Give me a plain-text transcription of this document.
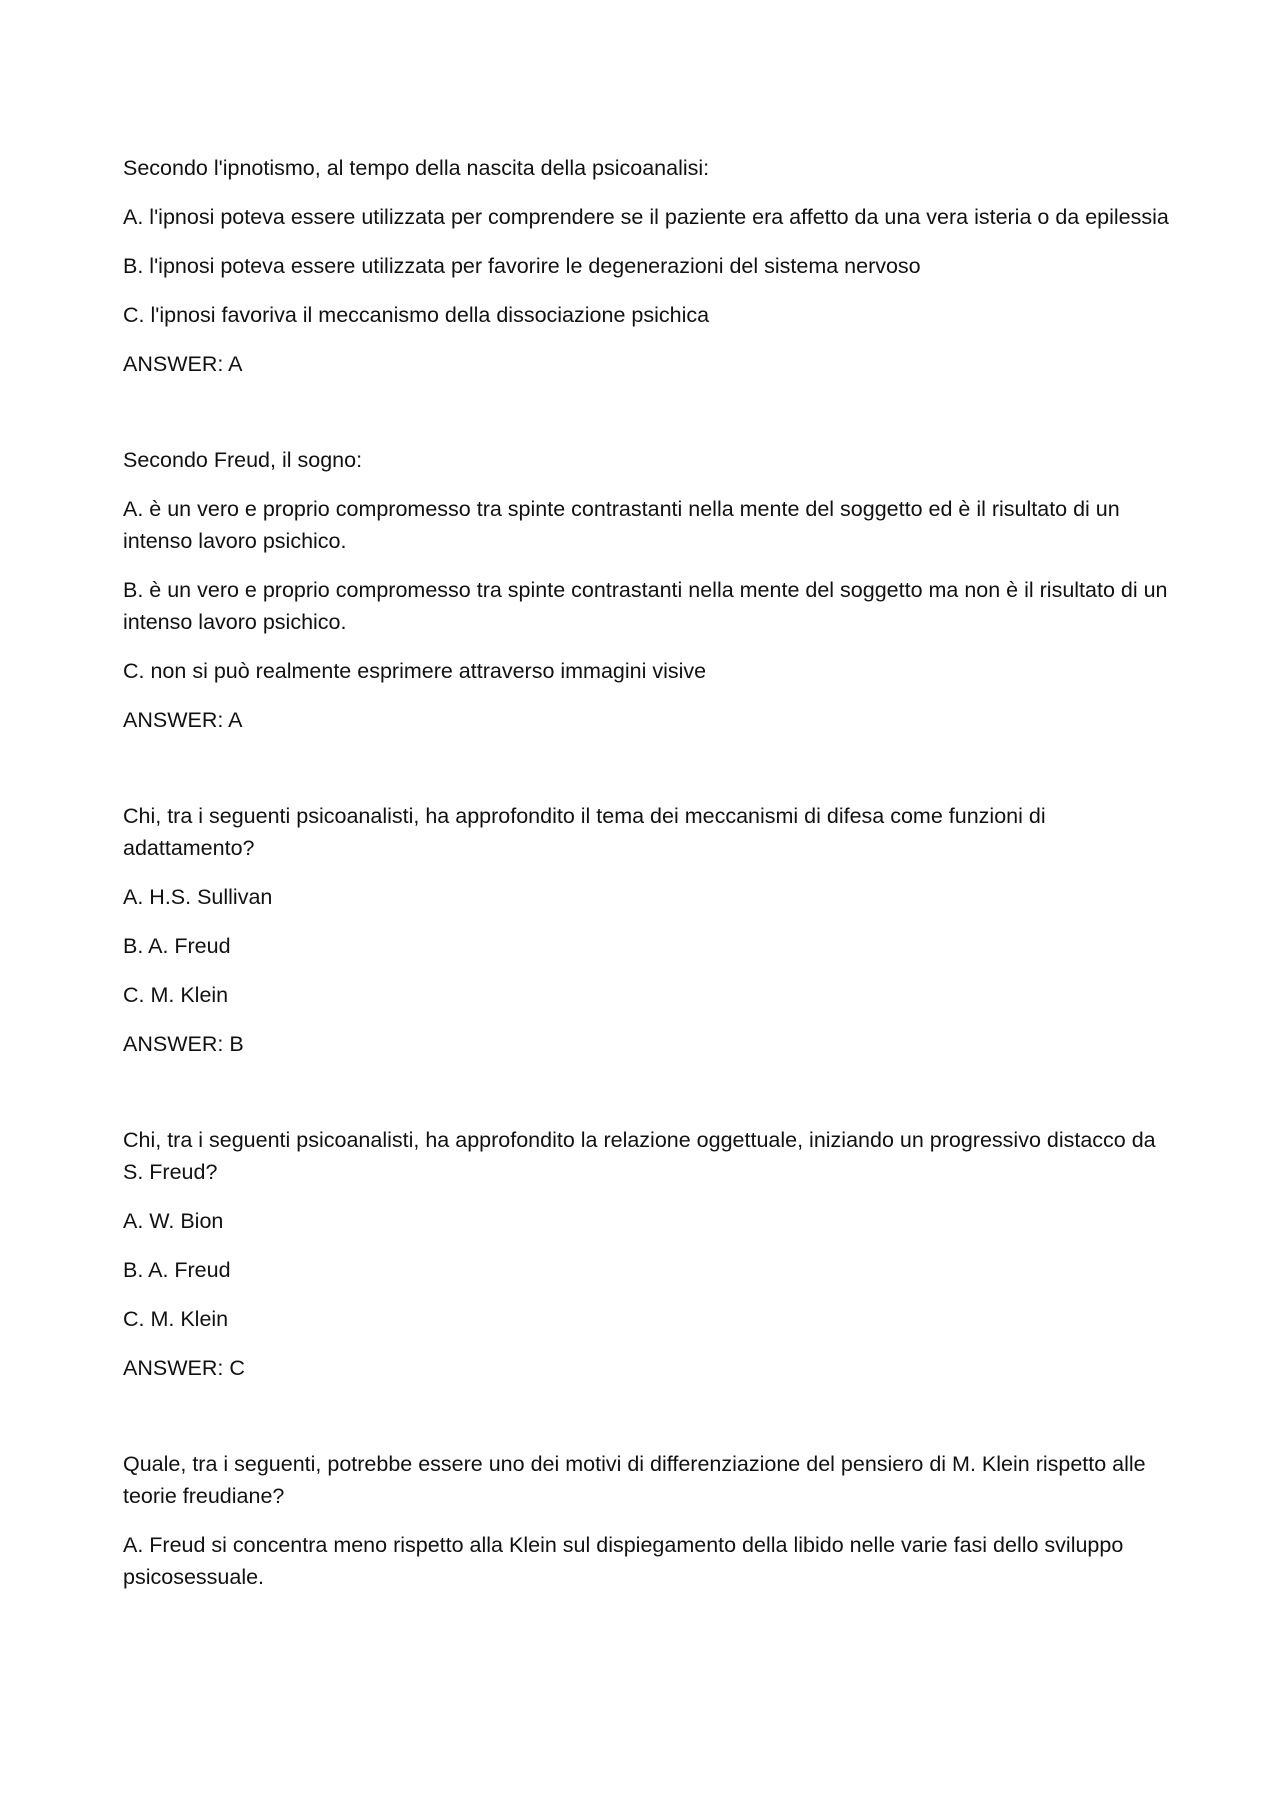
Secondo l'ipnotismo, al tempo della nascita della psicoanalisi:

A. l'ipnosi poteva essere utilizzata per comprendere se il paziente era affetto da una vera isteria o da epilessia

B. l'ipnosi poteva essere utilizzata per favorire le degenerazioni del sistema nervoso

C. l'ipnosi favoriva il meccanismo della dissociazione psichica

ANSWER: A

Secondo Freud, il sogno:

A. è un vero e proprio compromesso tra spinte contrastanti nella mente del soggetto ed è il risultato di un intenso lavoro psichico.

B. è un vero e proprio compromesso tra spinte contrastanti nella mente del soggetto ma non è il risultato di un intenso lavoro psichico.

C. non si può realmente esprimere attraverso immagini visive

ANSWER: A

Chi, tra i seguenti psicoanalisti, ha approfondito il tema dei meccanismi di difesa come funzioni di adattamento?

A. H.S. Sullivan

B. A. Freud

C. M. Klein

ANSWER: B

Chi, tra i seguenti psicoanalisti, ha approfondito la relazione oggettuale, iniziando un progressivo distacco da S. Freud?

A. W. Bion

B. A. Freud

C. M. Klein

ANSWER: C

Quale, tra i seguenti, potrebbe essere uno dei motivi di differenziazione del pensiero di M. Klein rispetto alle teorie freudiane?

A. Freud si concentra meno rispetto alla Klein sul dispiegamento della libido nelle varie fasi dello sviluppo psicosessuale.
